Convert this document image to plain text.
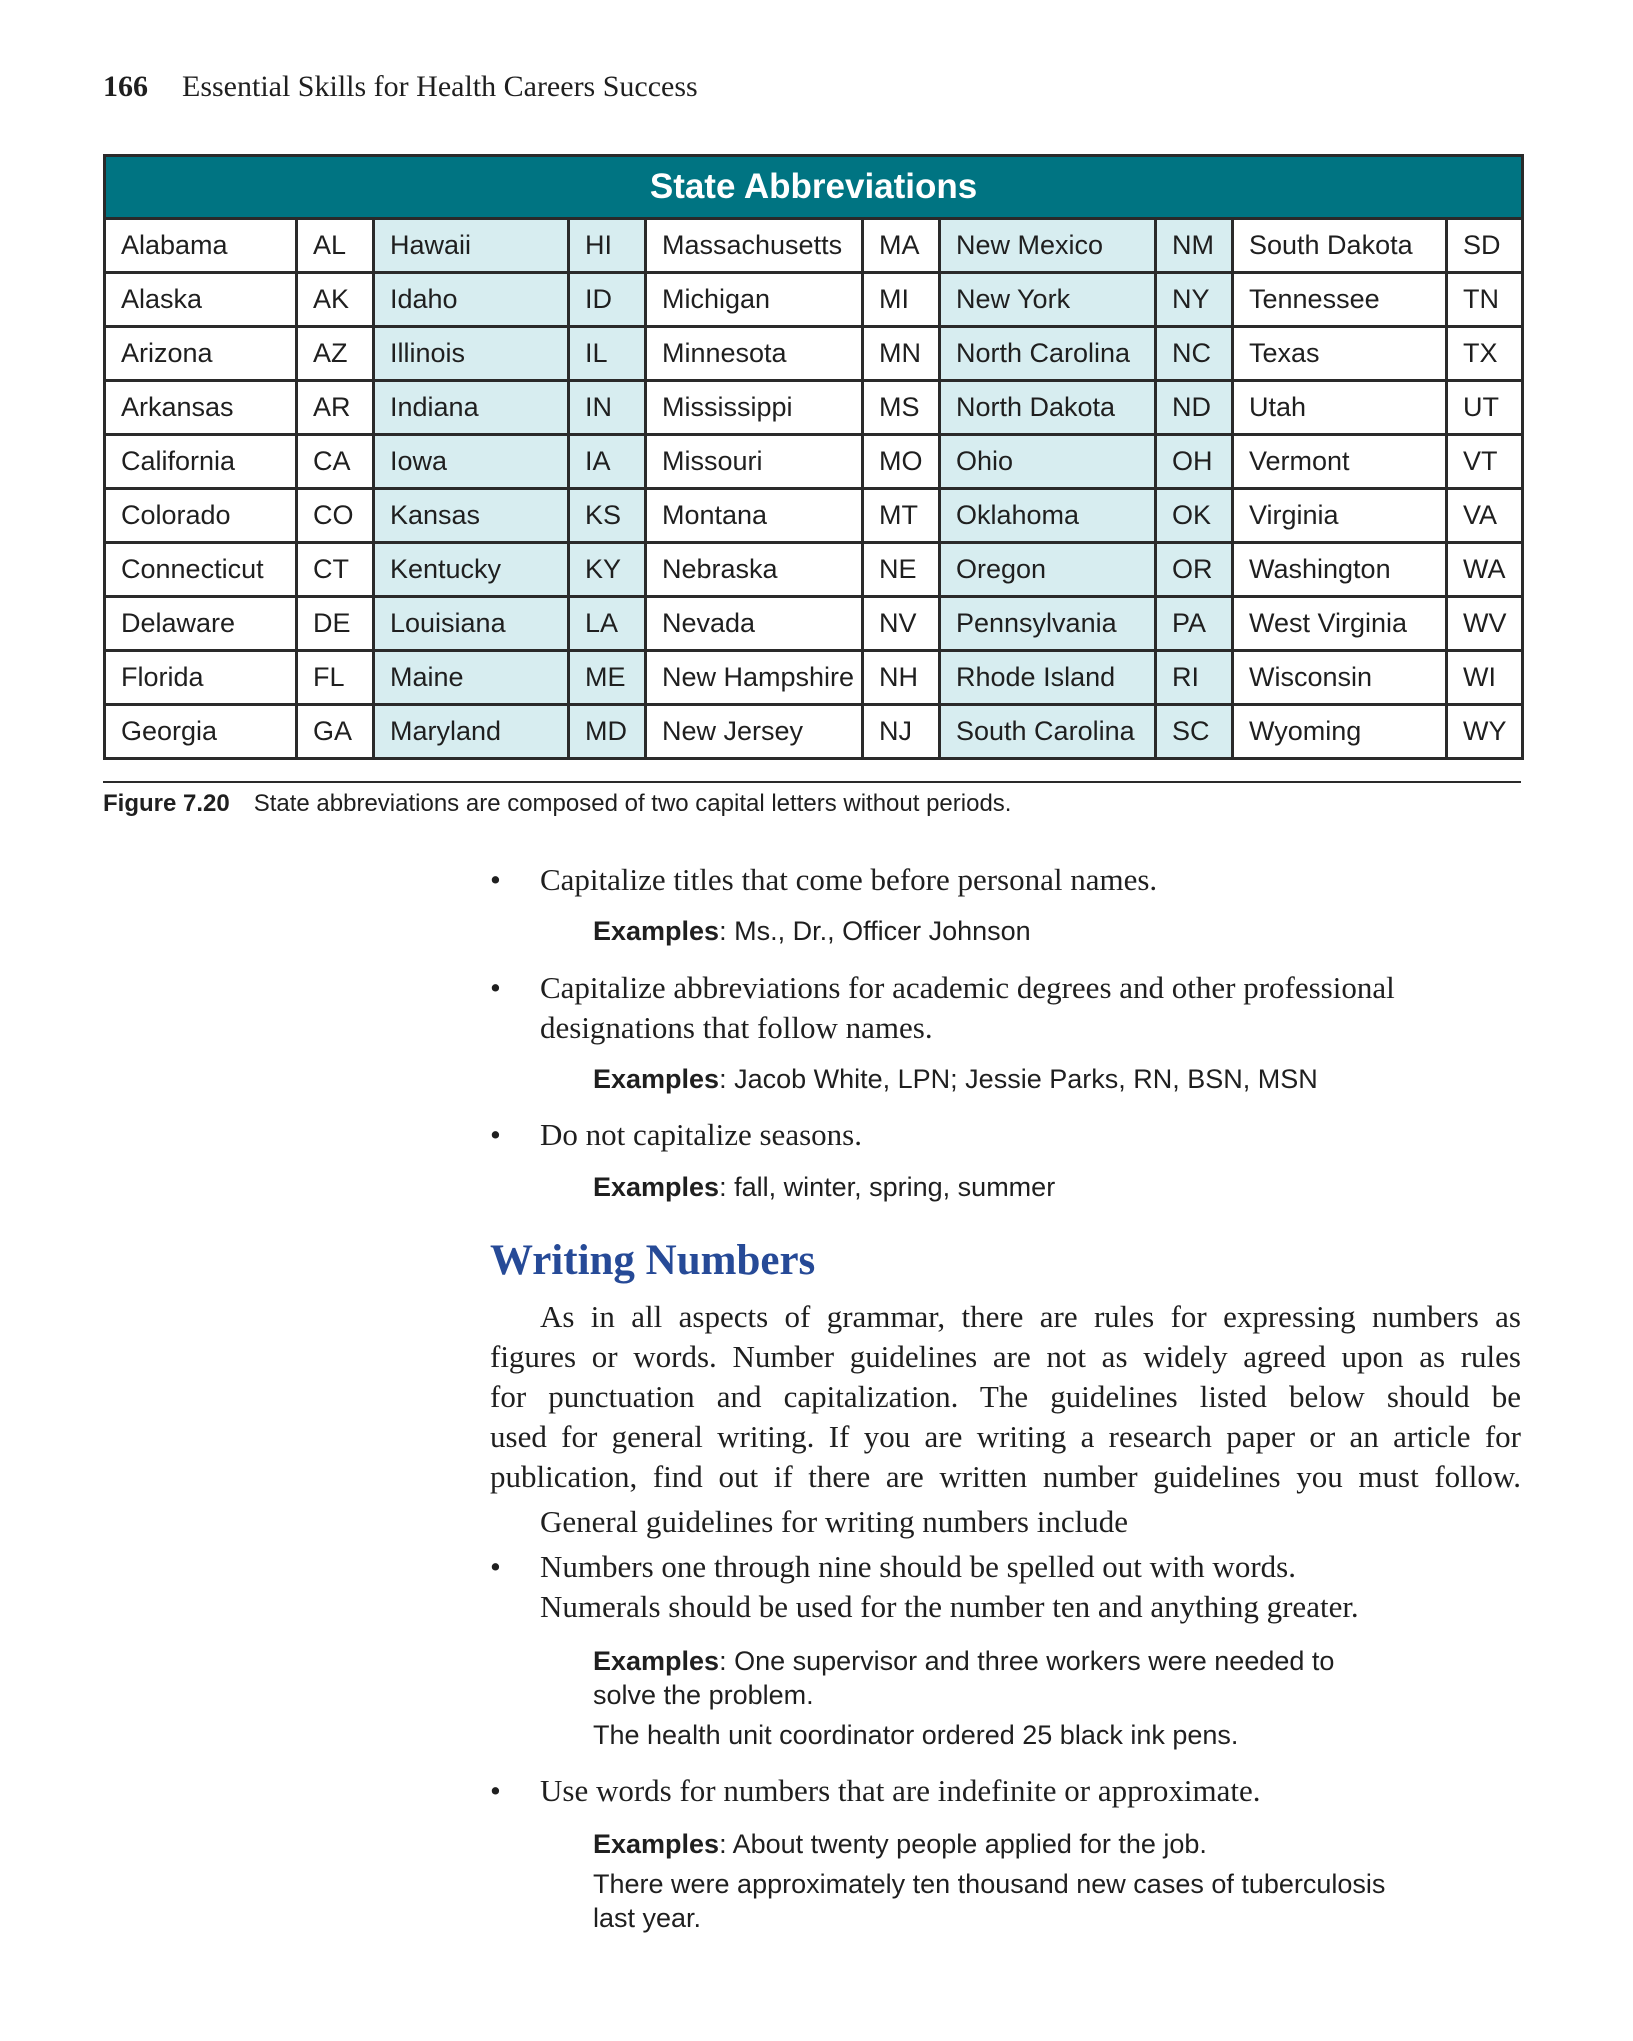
166 Essential Skills for Health Careers Success
State Abbreviations									
Alabama	AL	Hawaii	HI	Massachusetts	MA	New Mexico	NM	South Dakota	SD
Alaska	AK	Idaho	ID	Michigan	MI	New York	NY	Tennessee	TN
Arizona	AZ	Illinois	IL	Minnesota	MN	North Carolina	NC	Texas	TX
Arkansas	AR	Indiana	IN	Mississippi	MS	North Dakota	ND	Utah	UT
California	CA	Iowa	IA	Missouri	MO	Ohio	OH	Vermont	VT
Colorado	CO	Kansas	KS	Montana	MT	Oklahoma	OK	Virginia	VA
Connecticut	CT	Kentucky	KY	Nebraska	NE	Oregon	OR	Washington	WA
Delaware	DE	Louisiana	LA	Nevada	NV	Pennsylvania	PA	West Virginia	WV
Florida	FL	Maine	ME	New Hampshire	NH	Rhode Island	RI	Wisconsin	WI
Georgia	GA	Maryland	MD	New Jersey	NJ	South Carolina	SC	Wyoming	WY
Figure 7.20 State abbreviations are composed of two capital letters without periods.
• Capitalize titles that come before personal names.
Examples: Ms., Dr., Officer Johnson
• Capitalize abbreviations for academic degrees and other professional
designations that follow names.
Examples: Jacob White, LPN; Jessie Parks, RN, BSN, MSN
• Do not capitalize seasons.
Examples: fall, winter, spring, summer
Writing Numbers
As in all aspects of grammar, there are rules for expressing numbers as
figures or words. Number guidelines are not as widely agreed upon as rules
for punctuation and capitalization. The guidelines listed below should be
used for general writing. If you are writing a research paper or an article for
publication, find out if there are written number guidelines you must follow.
General guidelines for writing numbers include
• Numbers one through nine should be spelled out with words.
Numerals should be used for the number ten and anything greater.
Examples: One supervisor and three workers were needed to
solve the problem.
The health unit coordinator ordered 25 black ink pens.
• Use words for numbers that are indefinite or approximate.
Examples: About twenty people applied for the job.
There were approximately ten thousand new cases of tuberculosis
last year.
